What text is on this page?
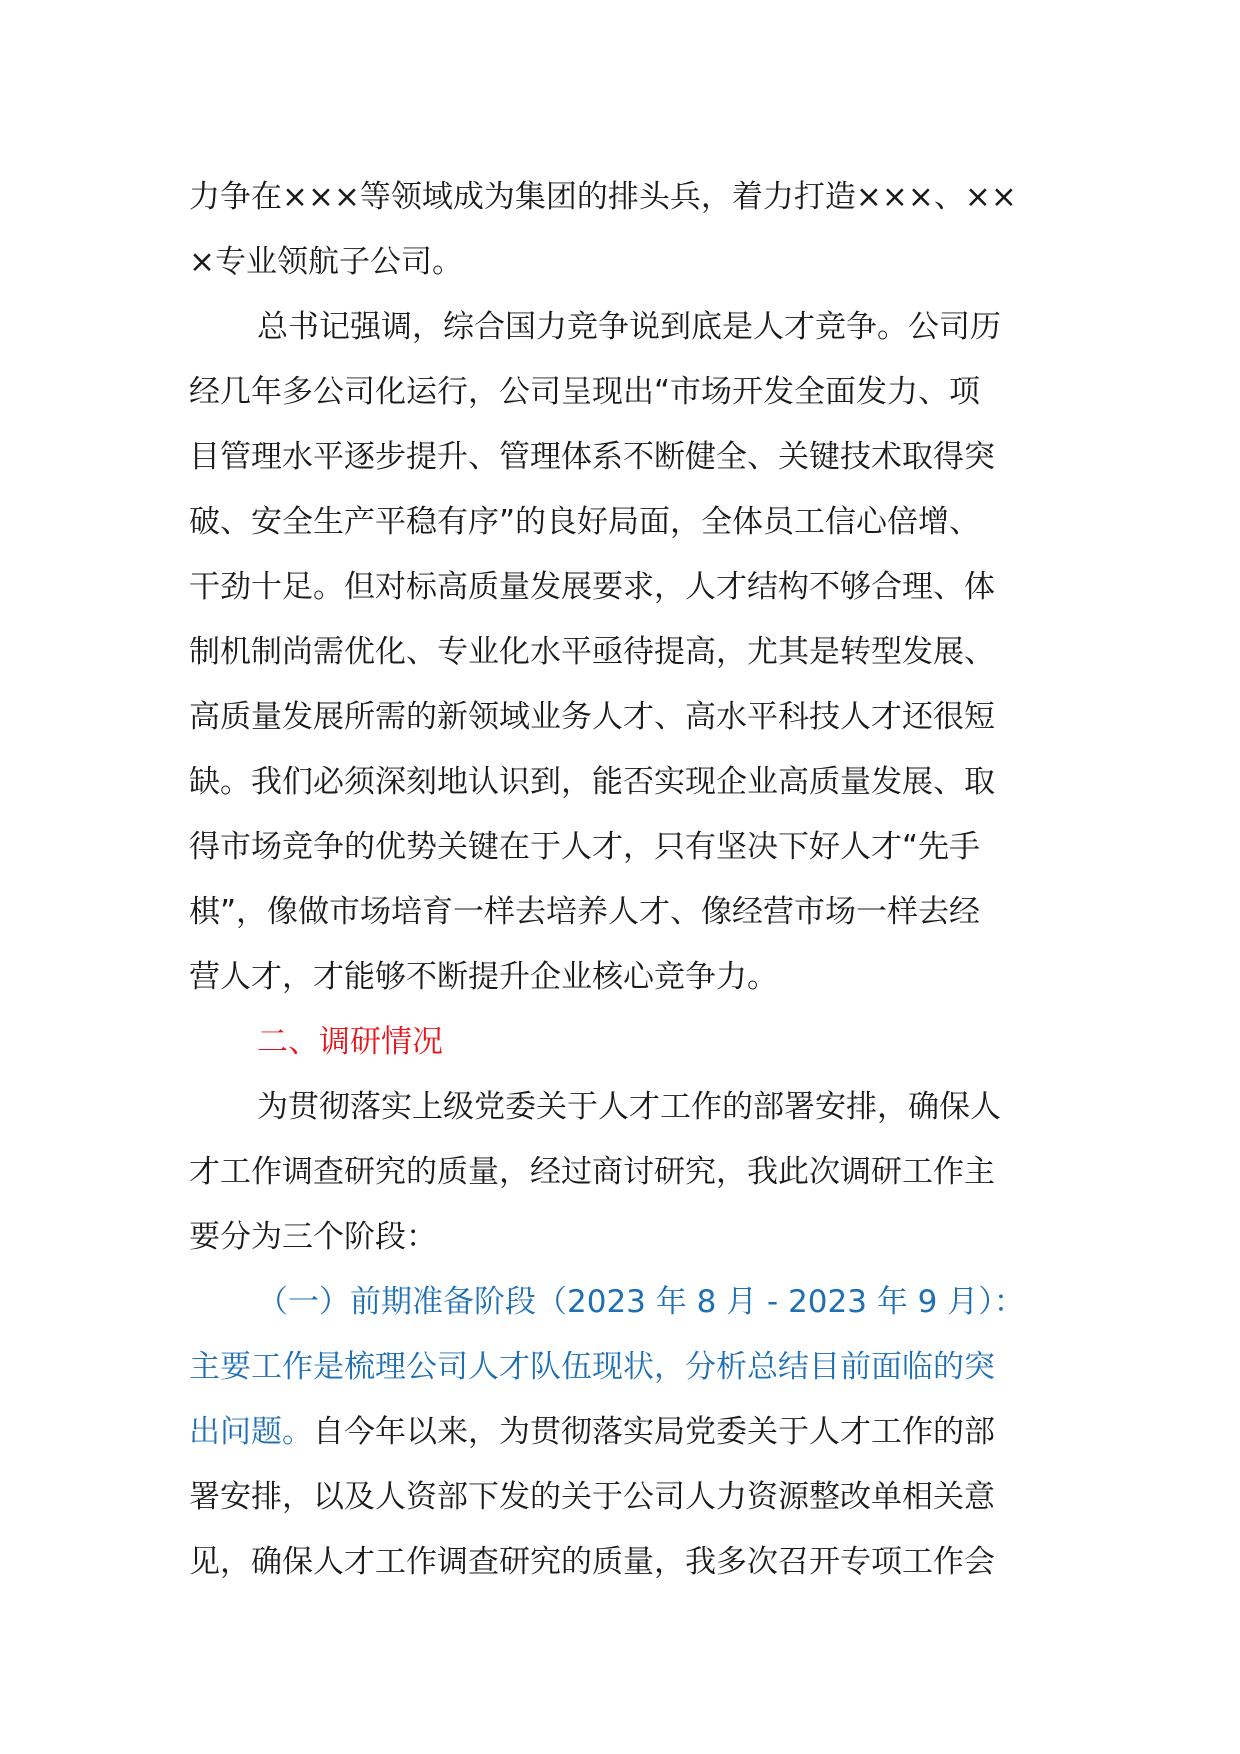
力争在×××等领域成为集团的排头兵，着力打造×××、××
×专业领航子公司。
总书记强调，综合国力竞争说到底是人才竞争。公司历
经几年多公司化运行，公司呈现出“市场开发全面发力、项
目管理水平逐步提升、管理体系不断健全、关键技术取得突
破、安全生产平稳有序”的良好局面，全体员工信心倍增、
干劲十足。但对标高质量发展要求，人才结构不够合理、体
制机制尚需优化、专业化水平亟待提高，尤其是转型发展、
高质量发展所需的新领域业务人才、高水平科技人才还很短
缺。我们必须深刻地认识到，能否实现企业高质量发展、取
得市场竞争的优势关键在于人才，只有坚决下好人才“先手
棋”，像做市场培育一样去培养人才、像经营市场一样去经
营人才，才能够不断提升企业核心竞争力。
二、调研情况
为贯彻落实上级党委关于人才工作的部署安排，确保人
才工作调查研究的质量，经过商讨研究，我此次调研工作主
要分为三个阶段：
（一）前期准备阶段（2023 年 8 月 - 2023 年 9 月）：
主要工作是梳理公司人才队伍现状，分析总结目前面临的突
出问题。自今年以来，为贯彻落实局党委关于人才工作的部
署安排，以及人资部下发的关于公司人力资源整改单相关意
见，确保人才工作调查研究的质量，我多次召开专项工作会
